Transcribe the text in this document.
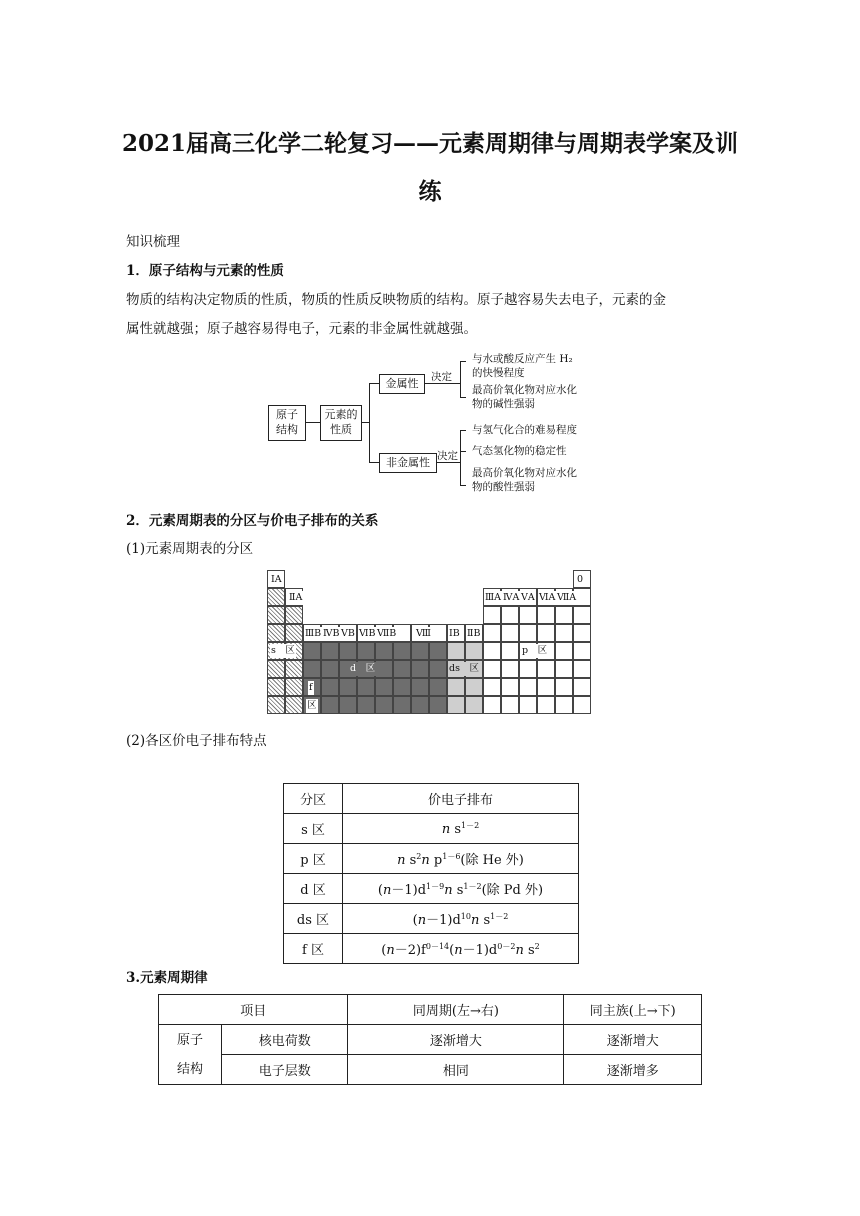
2021届高三化学二轮复习——元素周期律与周期表学案及训
练
知识梳理
1．原子结构与元素的性质
物质的结构决定物质的性质，物质的性质反映物质的结构。原子越容易失去电子，元素的金
属性就越强；原子越容易得电子，元素的非金属性就越强。
原子
结构
元素的
性质
金属性
非金属性
决定
决定
与水或酸反应产生 H₂
的快慢程度
最高价氧化物对应水化
物的碱性强弱
与氢气化合的难易程度
气态氢化物的稳定性
最高价氧化物对应水化
物的酸性强弱
2．元素周期表的分区与价电子排布的关系
(1)元素周期表的分区
ⅠA
ⅡA
0
ⅢB ⅣB ⅤB ⅥB ⅦB Ⅷ ⅠB ⅡB
ⅢA ⅣA ⅤA ⅥA ⅦA
s　区
d　区	ds　区
p　区
f
区
(2)各区价电子排布特点
分区	价电子排布
s 区	n $s^{1-2}$
p 区	n $s^2n$ $p^{1-6}$(除 He 外)
d 区	$(n-1)d^{1-9}n$ $s^{1-2}$(除 Pd 外)
ds 区	$(n-1)d^{10}n$ $s^{1-2}$
f 区	$(n-2)f^{0-14}(n-1)d^{0-2}n$ $s^2$
3.元素周期律
项目		同周期(左→右)	同主族(上→下)

原子
结构	核电荷数	逐渐增大	逐渐增大
	电子层数	相同	逐渐增多
